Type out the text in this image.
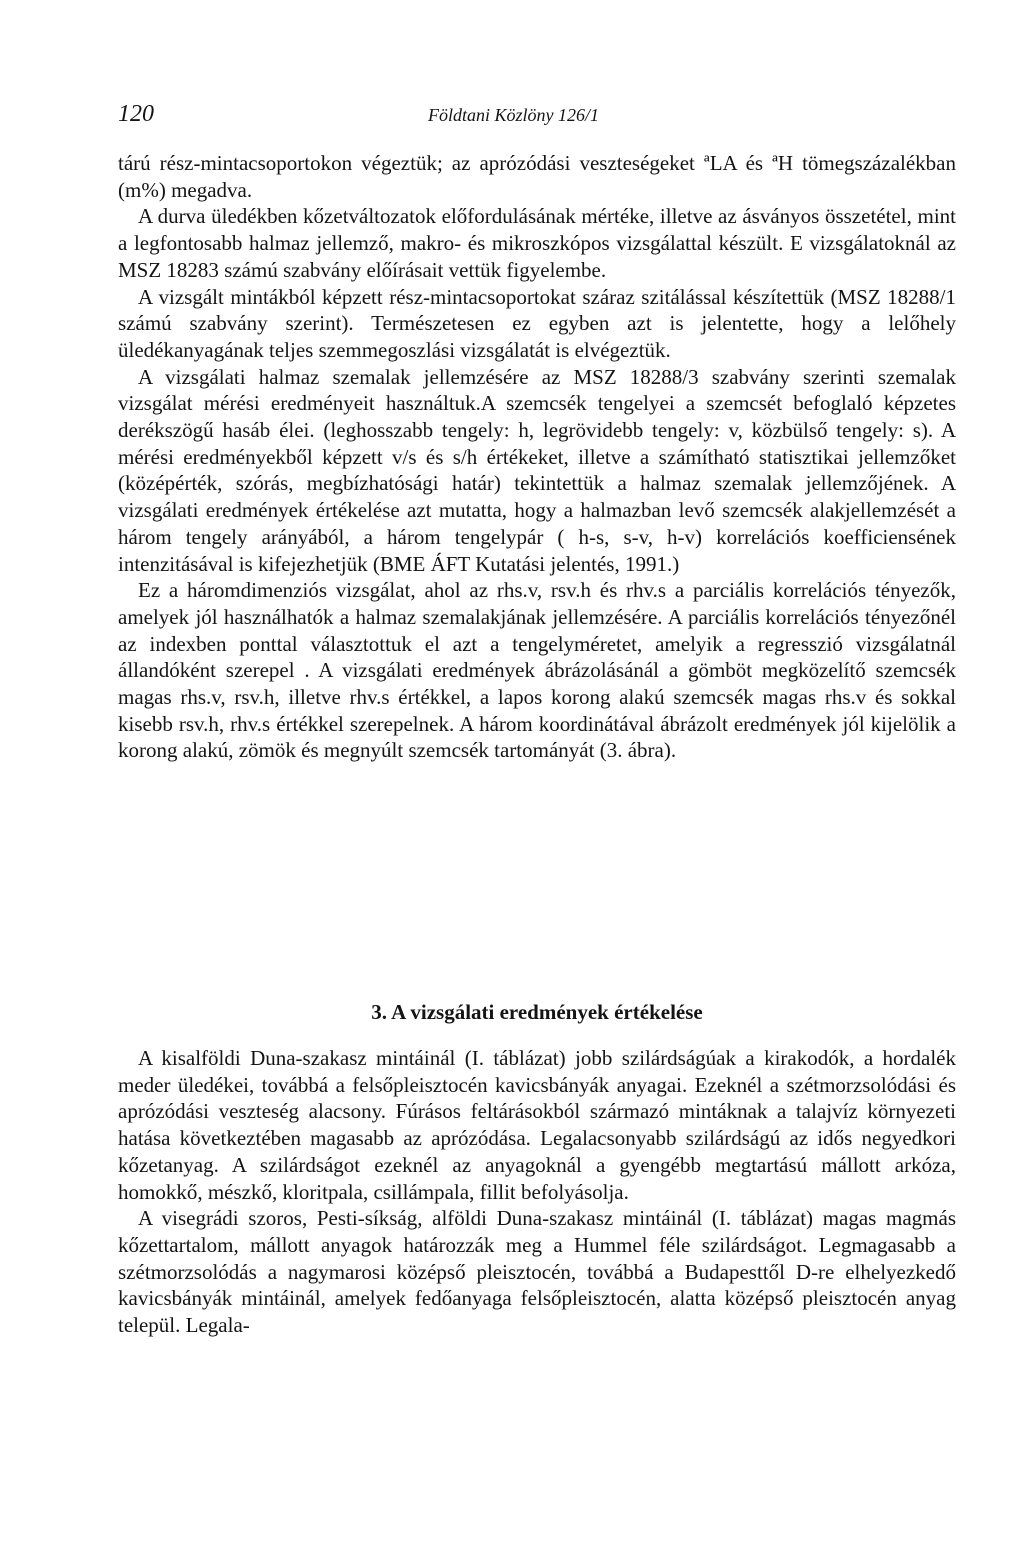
120	Földtani Közlöny 126/1

tárú rész-mintacsoportokon végeztük; az aprózódási veszteségeket ªLA és ªH tömegszázalékban (m%) megadva.

A durva üledékben kőzetváltozatok előfordulásának mértéke, illetve az ásványos összetétel, mint a legfontosabb halmaz jellemző, makro- és mikroszkópos vizsgálattal készült. E vizsgálatoknál az MSZ 18283 számú szabvány előírásait vettük figyelembe.

A vizsgált mintákból képzett rész-mintacsoportokat száraz szitálással készítettük (MSZ 18288/1 számú szabvány szerint). Természetesen ez egyben azt is jelentette, hogy a lelőhely üledékanyagának teljes szemmegoszlási vizsgálatát is elvégeztük.

A vizsgálati halmaz szemalak jellemzésére az MSZ 18288/3 szabvány szerinti szemalak vizsgálat mérési eredményeit használtuk.A szemcsék tengelyei a szemcsét befoglaló képzetes derékszögű hasáb élei. (leghosszabb tengely: h, legrövidebb tengely: v, közbülső tengely: s). A mérési eredményekből képzett v/s és s/h értékeket, illetve a számítható statisztikai jellemzőket (középérték, szórás, megbízhatósági határ) tekintettük a halmaz szemalak jellemzőjének. A vizsgálati eredmények értékelése azt mutatta, hogy a halmazban levő szemcsék alakjellemzését a három tengely arányából, a három tengelypár ( h-s, s-v, h-v) korrelációs koefficiensének intenzitásával is kifejezhetjük (BME ÁFT Kutatási jelentés, 1991.)

Ez a háromdimenziós vizsgálat, ahol az rhs.v, rsv.h és rhv.s a parciális korrelációs tényezők, amelyek jól használhatók a halmaz szemalakjának jellemzésére. A parciális korrelációs tényezőnél az indexben ponttal választottuk el azt a tengelyméretet, amelyik a regresszió vizsgálatnál állandóként szerepel . A vizsgálati eredmények ábrázolásánál a gömböt megközelítő szemcsék magas rhs.v, rsv.h, illetve rhv.s értékkel, a lapos korong alakú szemcsék magas rhs.v és sokkal kisebb rsv.h, rhv.s értékkel szerepelnek. A három koordinátával ábrázolt eredmények jól kijelölik a korong alakú, zömök és megnyúlt szemcsék tartományát (3. ábra).

3. A vizsgálati eredmények értékelése

A kisalföldi Duna-szakasz mintáinál (I. táblázat) jobb szilárdságúak a kirakodók, a hordalék meder üledékei, továbbá a felsőpleisztocén kavicsbányák anyagai. Ezeknél a szétmorzsolódási és aprózódási veszteség alacsony. Fúrásos feltárásokból származó mintáknak a talajvíz környezeti hatása következtében magasabb az aprózódása. Legalacsonyabb szilárdságú az idős negyedkori kőzetanyag. A szilárdságot ezeknél az anyagoknál a gyengébb megtartású mállott arkóza, homokkő, mészkő, kloritpala, csillámpala, fillit befolyásolja.

A visegrádi szoros, Pesti-síkság, alföldi Duna-szakasz mintáinál (I. táblázat) magas magmás kőzettartalom, mállott anyagok határozzák meg a Hummel féle szilárdságot. Legmagasabb a szétmorzsolódás a nagymarosi középső pleisztocén, továbbá a Budapesttől D-re elhelyezkedő kavicsbányák mintáinál, amelyek fedőanyaga felsőpleisztocén, alatta középső pleisztocén anyag települ. Legala-
